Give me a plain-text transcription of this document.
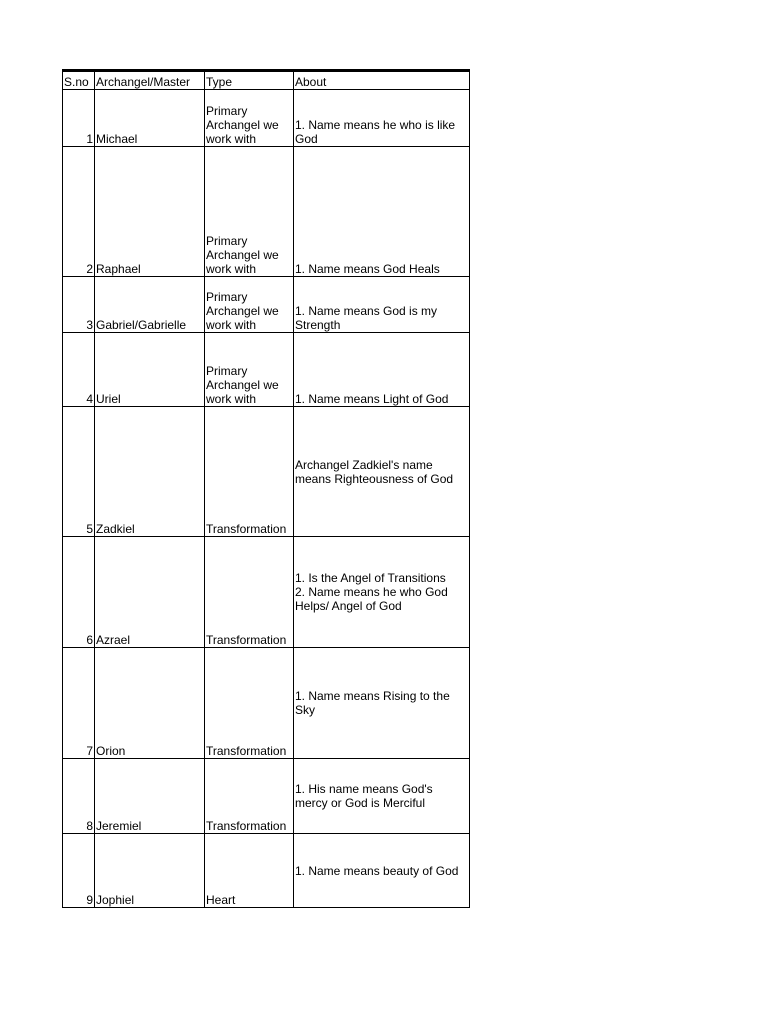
S.no	Archangel/Master	Type	About
1	Michael	Primary Archangel we work with	1. Name means he who is like God
2	Raphael	Primary Archangel we work with	1. Name means God Heals
3	Gabriel/Gabrielle	Primary Archangel we work with	1. Name means God is my Strength
4	Uriel	Primary Archangel we work with	1. Name means Light of God
5	Zadkiel	Transformation	Archangel Zadkiel's name means Righteousness of God

6	Azrael	Transformation	1. Is the Angel of Transitions
2. Name means he who God Helps/ Angel of God

7	Orion	Transformation	1. Name means Rising to the Sky

8	Jeremiel	Transformation	1. His name means God's mercy or God is Merciful

9	Jophiel	Heart	1. Name means beauty of God
